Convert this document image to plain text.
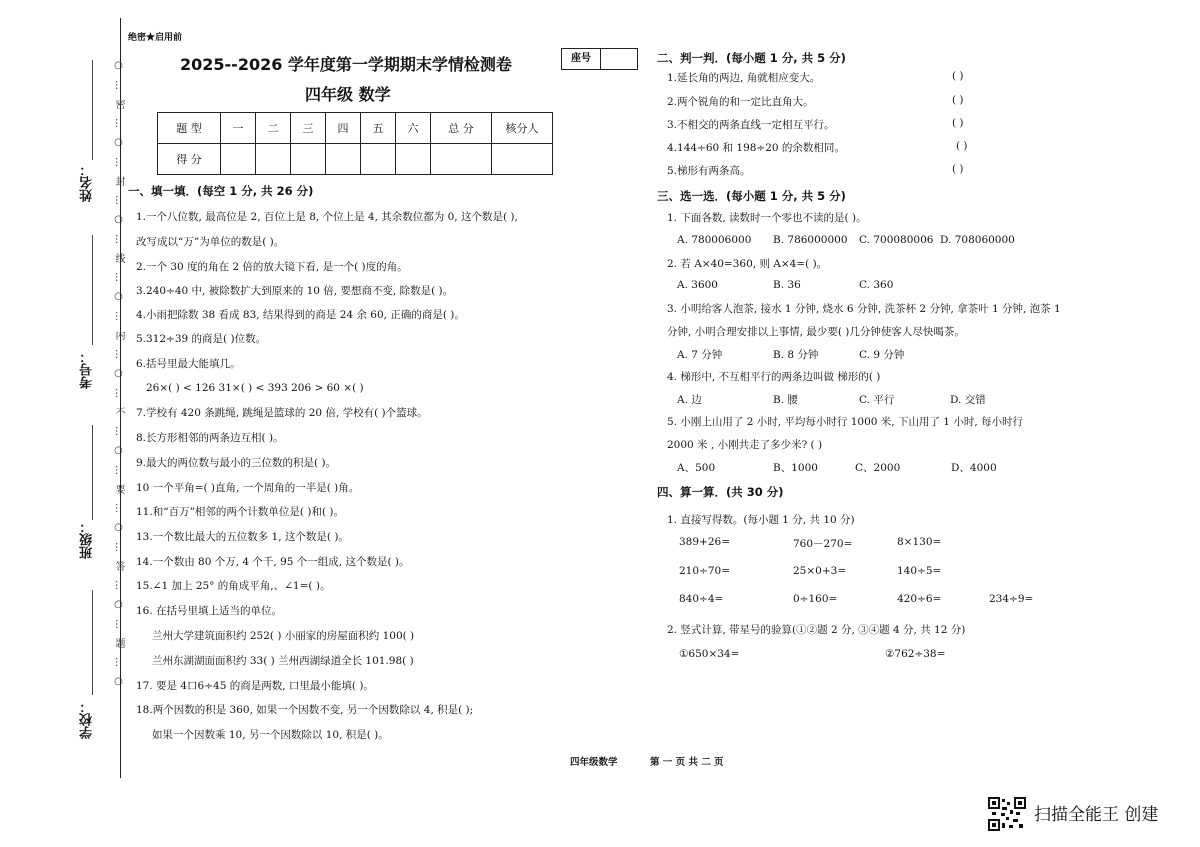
姓名：
考号：
班级：
学校：
○…密…○…封…○…线…○…内…○…不…○…要…○…答…○…题…○
绝密★启用前
2025--2026 学年度第一学期期末学情检测卷
四年级 数学
座号
题 型	一	二	三	四	五	六	总 分	核分人
得 分								
一、填一填．(每空 1 分, 共 26 分)
1.一个八位数, 最高位是 2, 百位上是 8, 个位上是 4, 其余数位都为 0, 这个数是( ),
改写成以“万”为单位的数是( )。
2.一个 30 度的角在 2 倍的放大镜下看, 是一个( )度的角。
3.240÷40 中, 被除数扩大到原来的 10 倍, 要想商不变, 除数是( )。
4.小雨把除数 38 看成 83, 结果得到的商是 24 余 60, 正确的商是( )。
5.312÷39 的商是( )位数。
6.括号里最大能填几。
26×( ) < 126 31×( ) < 393 206 > 60 ×( )
7.学校有 420 条跳绳, 跳绳是篮球的 20 倍, 学校有( )个篮球。
8.长方形相邻的两条边互相( )。
9.最大的两位数与最小的三位数的积是( )。
10 一个平角=( )直角, 一个周角的一半是( )角。
11.和“百万”相邻的两个计数单位是( )和( )。
13.一个数比最大的五位数多 1, 这个数是( )。
14.一个数由 80 个万, 4 个千, 95 个一组成, 这个数是( )。
15.∠1 加上 25° 的角成平角,、∠1=( )。
16. 在括号里填上适当的单位。
兰州大学建筑面积约 252( ) 小丽家的房屋面积约 100( )
兰州东湖湖面面积约 33( ) 兰州西湖绿道全长 101.98( )
17. 要是 4口6÷45 的商是两数, 口里最小能填( )。
18.两个因数的积是 360, 如果一个因数不变, 另一个因数除以 4, 积是( );
如果一个因数乘 10, 另一个因数除以 10, 积是( )。
二、判一判．(每小题 1 分, 共 5 分)
1.延长角的两边, 角就相应变大。	( )
2.两个锐角的和一定比直角大。	( )
3.不相交的两条直线一定相互平行。	( )
4.144÷60 和 198÷20 的余数相同。	( )
5.梯形有两条高。	( )
三、选一选．(每小题 1 分, 共 5 分)
1. 下面各数, 读数时一个零也不读的是( )。
A. 780006000 B. 786000000 C. 700080006 D. 708060000
2. 若 A×40=360, 则 A×4=( )。
A. 3600	B. 36	C. 360
3. 小明给客人泡茶, 接水 1 分钟, 烧水 6 分钟, 洗茶杯 2 分钟, 拿茶叶 1 分钟, 泡茶 1
分钟, 小明合理安排以上事情, 最少要( )几分钟使客人尽快喝茶。
A. 7 分钟	B. 8 分钟	C. 9 分钟
4. 梯形中, 不互相平行的两条边叫做 梯形的( )
A. 边	B. 腰	C. 平行	D. 交错
5. 小刚上山用了 2 小时, 平均每小时行 1000 米, 下山用了 1 小时, 每小时行
2000 米 , 小刚共走了多少米? ( )
A、500	B、1000	C、2000	D、4000
四、算一算．(共 30 分)
1. 直接写得数。(每小题 1 分, 共 10 分)
389+26=	760－270=	8×130=
210÷70=	25×0+3=	140÷5=
840÷4=	0÷160=	420÷6=	234÷9=
2. 竖式计算, 带星号的验算(①②题 2 分, ③④题 4 分, 共 12 分)
①650×34=	②762÷38=
四年级数学	第 一 页 共 二 页
扫描全能王 创建
